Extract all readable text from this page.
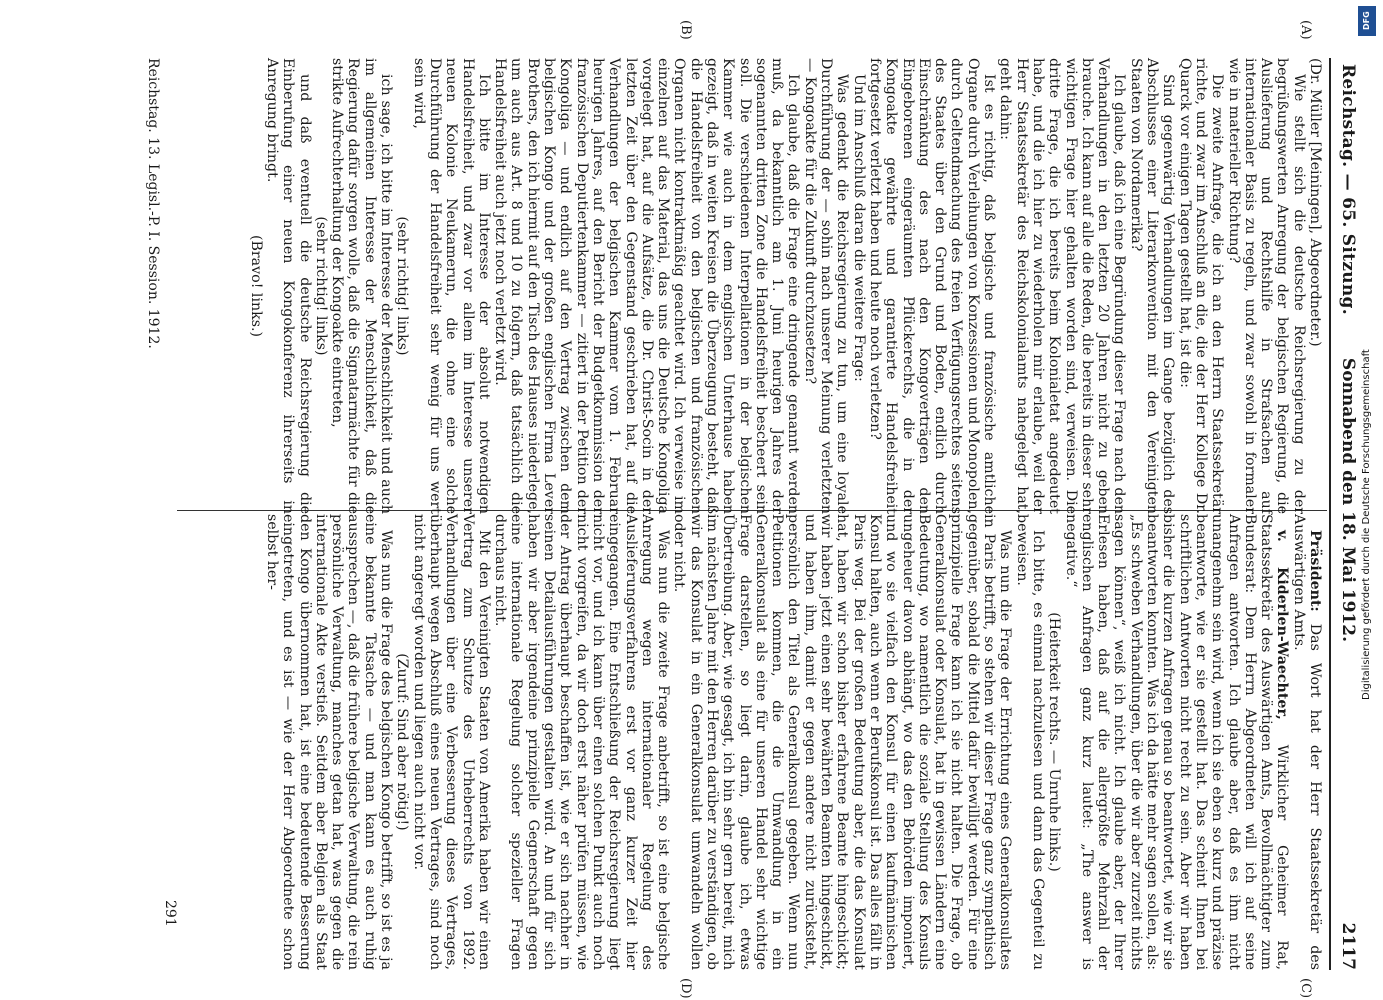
Reichstag. — 65. Sitzung.
Sonnabend den 18. Mai 1912.
2117
(A)
(B)
(C)
(D)

(Dr. Müller [Meiningen], Abgeordneter.)

Wie stellt sich die deutsche Reichsregierung zu der begrüßungswerten Anregung der belgischen Regierung, die Auslieferung und Rechtshilfe in Strafsachen auf internationaler Basis zu regeln, und zwar sowohl in formaler wie in materieller Richtung?

Die zweite Anfrage, die ich an den Herrn Staatssekretär richte, und zwar im Anschluß an die, die der Herr Kollege Dr. Quarck vor einigen Tagen gestellt hat, ist die:

Sind gegenwärtig Verhandlungen im Gange bezüglich des Abschlusses einer Literarkonvention mit den Vereinigten Staaten von Nordamerika?

Ich glaube, daß ich eine Begründung dieser Frage nach den Verhandlungen in den letzten 20 Jahren nicht zu geben brauche. Ich kann auf alle die Reden, die bereits in dieser sehr wichtigen Frage hier gehalten worden sind, verweisen. Die dritte Frage, die ich bereits beim Kolonialetat angedeutet habe, und die ich hier zu wiederholen mir erlaube, weil der Herr Staatssekretär des Reichskolonialamts nahegelegt hat, geht dahin:

Ist es richtig, daß belgische und französische amtliche Organe durch Verleihungen von Konzessionen und Monopolen, durch Geltendmachung des freien Verfügungsrechtes seitens des Staates über den Grund und Boden, endlich durch Einschränkung des nach den Kongoverträgen den Eingeborenen eingeräumten Pflückerechts, die in der Kongoakte gewährte und garantierte Handelsfreiheit fortgesetzt verletzt haben und heute noch verletzen?

Und im Anschluß daran die weitere Frage:

Was gedenkt die Reichsregierung zu tun, um eine loyale Durchführung der — sohin nach unserer Meinung verletzten — Kongoakte für die Zukunft durchzusetzen?

Ich glaube, daß die Frage eine dringende genannt werden muß, da bekanntlich am 1. Juni heurigen Jahres der sogenannten dritten Zone die Handelsfreiheit bescheert sein soll. Die verschiedenen Interpellationen in der belgischen Kammer wie auch in dem englischen Unterhause haben gezeigt, daß in weiten Kreisen die Überzeugung besteht, daß die Handelsfreiheit von den belgischen und französischen Organen nicht kontraktmäßig geachtet wird. Ich verweise im einzelnen auf das Material, das uns die Deutsche Kongoliga vorgelegt hat, auf die Aufsätze, die Dr. Christ-Socin in der letzten Zeit über den Gegenstand geschrieben hat, auf die Verhandlungen der belgischen Kammer vom 1. Februar heurigen Jahres, auf den Bericht der Budgetkommission der französischen Deputiertenkammer — zitiert in der Petition der Kongoliga — und endlich auf den Vertrag zwischen dem belgischen Kongo und der großen englischen Firma Lever Brothers, den ich hiermit auf den Tisch des Hauses niederlege, um auch aus Art. 8 und 10 zu folgern, daß tatsächlich die Handelsfreiheit auch jetzt noch verletzt wird.

Ich bitte im Interesse der absolut notwendigen Handelsfreiheit, und zwar vor allem im Interesse unserer neuen Kolonie Neukamerun, die ohne eine solche Durchführung der Handelsfreiheit sehr wenig für uns wert sein wird,

(sehr richtig! links)

ich sage, ich bitte im Interesse der Menschlichkeit und auch im allgemeinen Interesse der Menschlichkeit, daß die Regierung dafür sorgen wolle, daß die Signatarmächte für die strikte Aufrechterhaltung der Kongoakte eintreten,

(sehr richtig! links)

und daß eventuell die deutsche Reichsregierung die Einberufung einer neuen Kongokonferenz ihrerseits in Anregung bringt.

(Bravo! links.)

Präsident: Das Wort hat der Herr Staatssekretär des Auswärtigen Amts.

v. Kiderlen-Waechter, Wirklicher Geheimer Rat, Staatssekretär des Auswärtigen Amts, Bevollmächtigter zum Bundesrat: Dem Herrn Abgeordneten will ich auf seine Anfragen antworten. Ich glaube aber, daß es ihm nicht unangenehm sein wird, wenn ich sie eben so kurz und präzise beantworte, wie er sie gestellt hat. Das scheint Ihnen bei schriftlichen Antworten nicht recht zu sein. Aber wir haben bisher die kurzen Anfragen genau so beantwortet, wie wir sie beantworten konnten. Was ich da hätte mehr sagen sollen, als: „Es schweben Verhandlungen, über die wir aber zurzeit nichts sagen können“, weiß ich nicht. Ich glaube aber, der Ihrer Erlesen haben, daß auf die allergrößte Mehrzahl der englischen Anfragen ganz kurz lautet: „The answer is negative.“

(Heiterkeit rechts. — Unruhe links.)

Ich bitte, es einmal nachzulesen und dann das Gegenteil zu beweisen.

Was nun die Frage der Errichtung eines Generalkonsulates in Paris betrifft, so stehen wir dieser Frage ganz sympathisch gegenüber, sobald die Mittel dafür bewilligt werden. Für eine prinzipielle Frage kann ich sie nicht halten. Die Frage, ob Generalkonsulat oder Konsulat, hat in gewissen Ländern eine Bedeutung, wo namentlich die soziale Stellung des Konsuls ungeheuer davon abhängt, wo das den Behörden imponiert, und wo sie vielfach den Konsul für einen kaufmännischen Konsul halten, auch wenn er Berufskonsul ist. Das alles fällt in Paris weg. Bei der großen Bedeutung aber, die das Konsulat hat, haben wir schon bisher erfahrene Beamte hingeschickt; wir haben jetzt einen sehr bewährten Beamten hingeschickt, und haben ihm, damit er gegen andere nicht zurücksteht, persönlich den Titel als Generalkonsul gegeben. Wenn nun Petitionen kommen, die die Umwandlung in ein Generalkonsulat als eine für unseren Handel sehr wichtige Frage darstellen, so liegt darin, glaube ich, etwas Übertreibung. Aber, wie gesagt, ich bin sehr gern bereit, mich im nächsten Jahre mit den Herren darüber zu verständigen, ob wir das Konsulat in ein Generalkonsulat umwandeln wollen oder nicht.

Was nun die zweite Frage anbetrifft, so ist eine belgische Anregung wegen internationaler Regelung des Auslieferungsverfahrens erst vor ganz kurzer Zeit hier eingegangen. Eine Entschließung der Reichsregierung liegt nicht vor, und ich kann über einen solchen Punkt auch noch nicht vorgreifen, da wir doch erst näher prüfen müssen, wie der Antrag überhaupt beschaffen ist, wie er sich nachher in seinen Detailausführungen gestalten wird. An und für sich haben wir aber irgendeine prinzipielle Gegnerschaft gegen eine internationale Regelung solcher spezieller Fragen durchaus nicht.

Mit den Vereinigten Staaten von Amerika haben wir einen Vertrag zum Schutze des Urheberrechts von 1892. Verhandlungen über eine Verbesserung dieses Vertrages, überhaupt wegen Abschluß eines neuen Vertrages, sind noch nicht angeregt worden und liegen auch nicht vor.

(Zuruf: Sind aber nötig!)

Was nun die Frage des belgischen Kongo betrifft, so ist es ja eine bekannte Tatsache — und man kann es auch ruhig aussprechen —, daß die frühere belgische Verwaltung, die rein persönliche Verwaltung, manches getan hat, was gegen die internationale Akte verstieß. Seitdem aber Belgien als Staat den Kongo übernommen hat, ist eine bedeutende Besserung eingetreten, und es ist — wie der Herr Abgeordnete schon selbst her-

Reichstag. 13. Legisl.-P. I. Session. 1912.
291
DFG
Digitalisierung gefördert durch die Deutsche Forschungsgemeinschaft
